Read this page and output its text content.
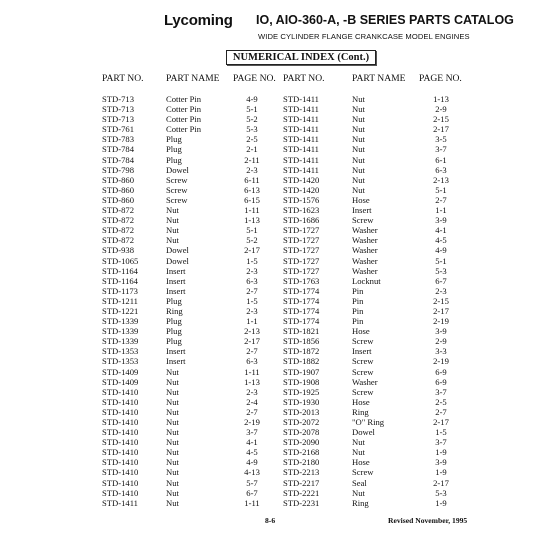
Lycoming IO, AIO-360-A, -B SERIES PARTS CATALOG
WIDE CYLINDER FLANGE CRANKCASE MODEL ENGINES
NUMERICAL INDEX (Cont.)
PART NO. PART NAME PAGE NO. PART NO.	PART NAME PAGE NO.
STD-713	Cotter Pin	4-9	STD-1411	Nut	1-13
STD-713	Cotter Pin	5-1	STD-1411	Nut	2-9
STD-713	Cotter Pin	5-2	STD-1411	Nut	2-15
STD-761	Cotter Pin	5-3	STD-1411	Nut	2-17
STD-783	Plug	2-5	STD-1411	Nut	3-5
STD-784	Plug	2-1	STD-1411	Nut	3-7
STD-784	Plug	2-11	STD-1411	Nut	6-1
STD-798	Dowel	2-3	STD-1411	Nut	6-3
STD-860	Screw	6-11	STD-1420	Nut	2-13
STD-860	Screw	6-13	STD-1420	Nut	5-1
STD-860	Screw	6-15	STD-1576	Hose	2-7
STD-872	Nut	1-11	STD-1623	Insert	1-1
STD-872	Nut	1-13	STD-1686	Screw	3-9
STD-872	Nut	5-1	STD-1727	Washer	4-1
STD-872	Nut	5-2	STD-1727	Washer	4-5
STD-938	Dowel	2-17	STD-1727	Washer	4-9
STD-1065	Dowel	1-5	STD-1727	Washer	5-1
STD-1164	Insert	2-3	STD-1727	Washer	5-3
STD-1164	Insert	6-3	STD-1763	Locknut	6-7
STD-1173	Insert	2-7	STD-1774	Pin	2-3
STD-1211	Plug	1-5	STD-1774	Pin	2-15
STD-1221	Ring	2-3	STD-1774	Pin	2-17
STD-1339	Plug	1-1	STD-1774	Pin	2-19
STD-1339	Plug	2-13	STD-1821	Hose	3-9
STD-1339	Plug	2-17	STD-1856	Screw	2-9
STD-1353	Insert	2-7	STD-1872	Insert	3-3
STD-1353	Insert	6-3	STD-1882	Screw	2-19
STD-1409	Nut	1-11	STD-1907	Screw	6-9
STD-1409	Nut	1-13	STD-1908	Washer	6-9
STD-1410	Nut	2-3	STD-1925	Screw	3-7
STD-1410	Nut	2-4	STD-1930	Hose	2-5
STD-1410	Nut	2-7	STD-2013	Ring	2-7
STD-1410	Nut	2-19	STD-2072	"O" Ring	2-17
STD-1410	Nut	3-7	STD-2078	Dowel	1-5
STD-1410	Nut	4-1	STD-2090	Nut	3-7
STD-1410	Nut	4-5	STD-2168	Nut	1-9
STD-1410	Nut	4-9	STD-2180	Hose	3-9
STD-1410	Nut	4-13	STD-2213	Screw	1-9
STD-1410	Nut	5-7	STD-2217	Seal	2-17
STD-1410	Nut	6-7	STD-2221	Nut	5-3
STD-1411	Nut	1-11	STD-2231	Ring	1-9
8-6	Revised November, 1995
